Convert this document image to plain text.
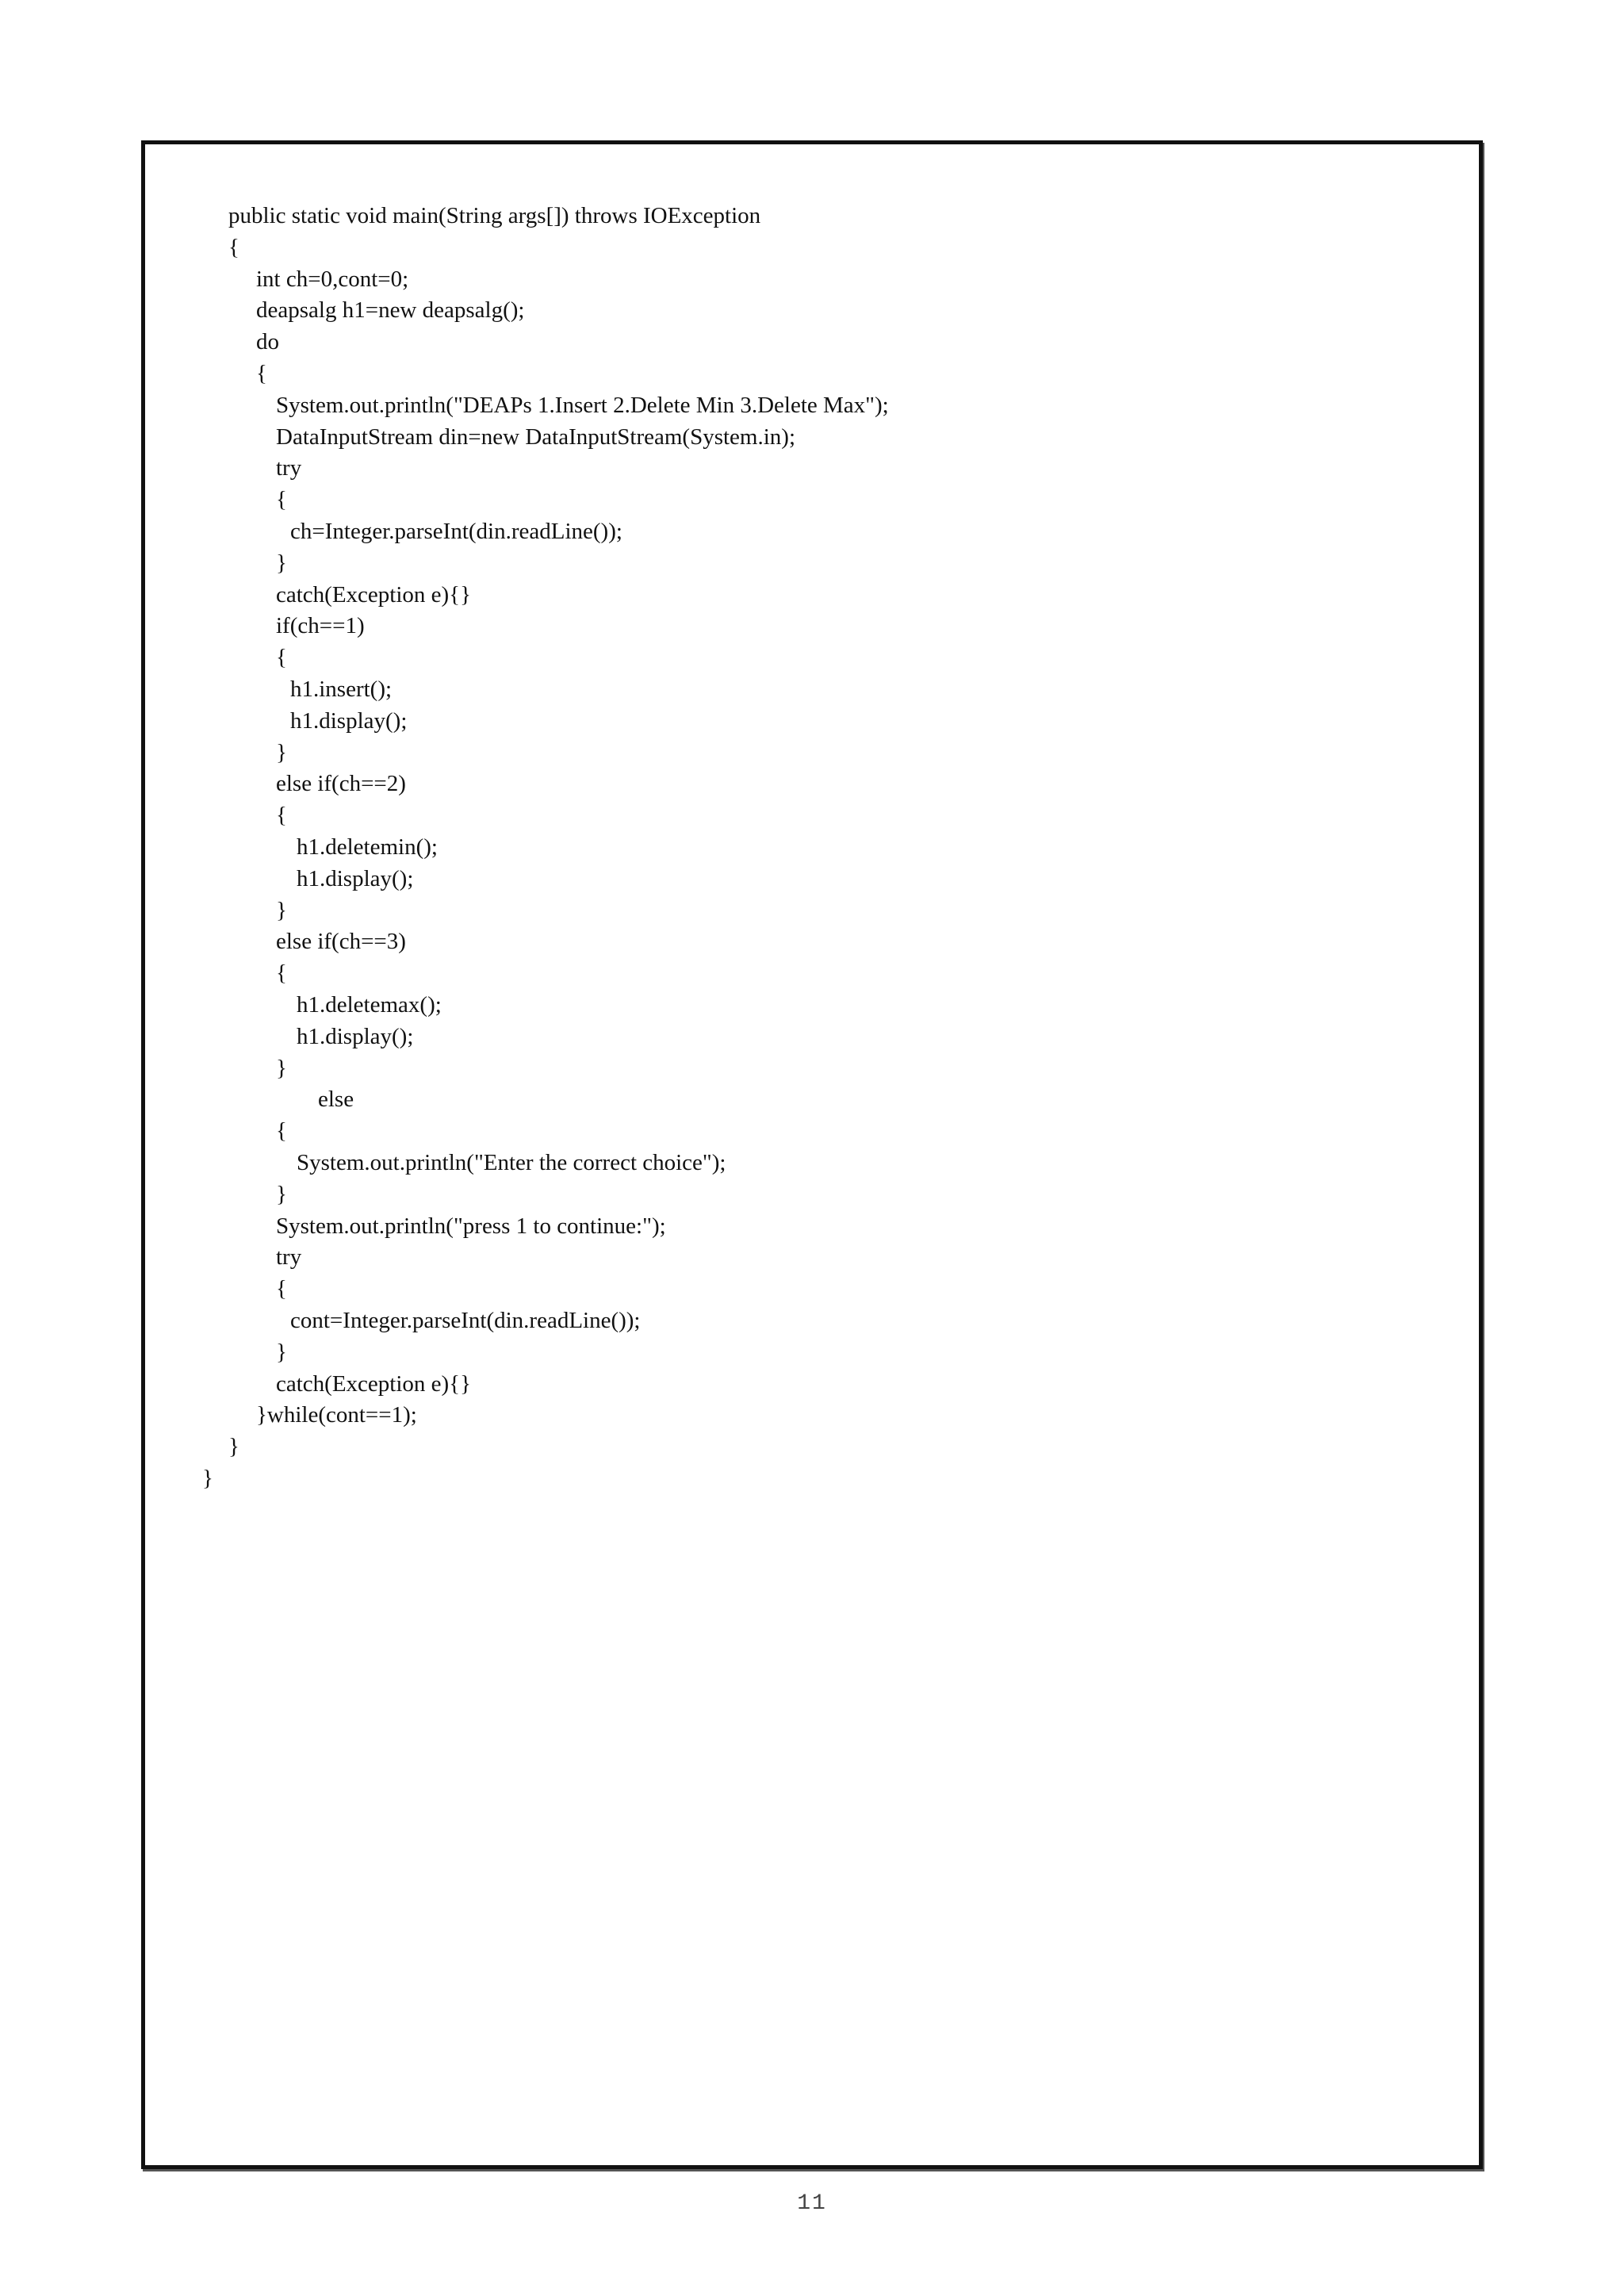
public static void main(String args[]) throws IOException
{
int ch=0,cont=0;
deapsalg h1=new deapsalg();
do
{
System.out.println("DEAPs 1.Insert 2.Delete Min 3.Delete Max");
DataInputStream din=new DataInputStream(System.in);
try
{
ch=Integer.parseInt(din.readLine());
}
catch(Exception e){}
if(ch==1)
{
h1.insert();
h1.display();
}
else if(ch==2)
{
h1.deletemin();
h1.display();
}
else if(ch==3)
{
h1.deletemax();
h1.display();
}
else
{
System.out.println("Enter the correct choice");
}
System.out.println("press 1 to continue:");
try
{
cont=Integer.parseInt(din.readLine());
}
catch(Exception e){}
}while(cont==1);
}
}
11
